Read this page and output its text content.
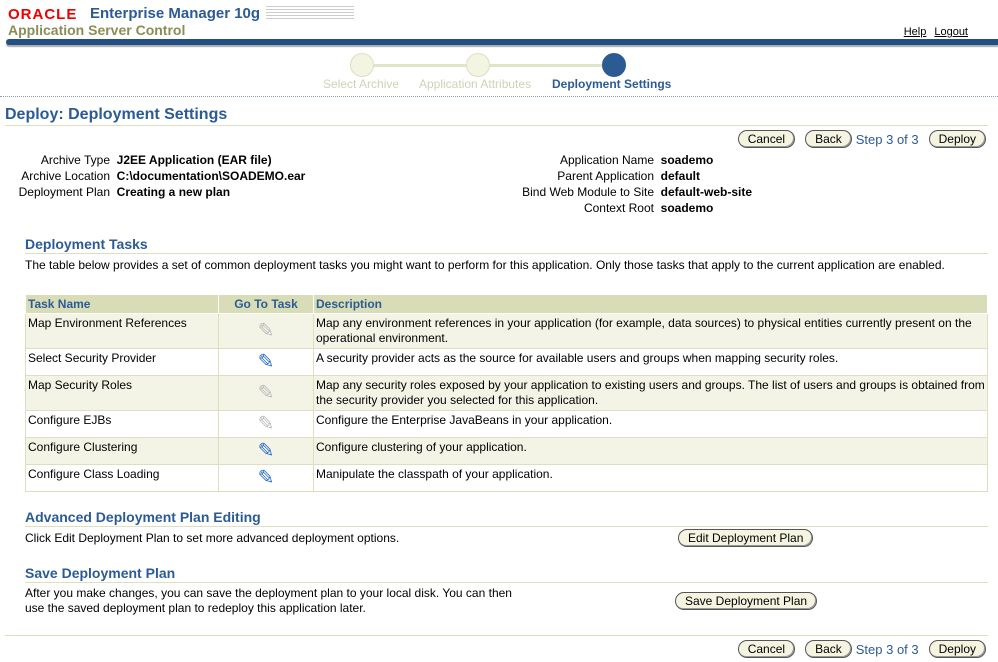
ORACLE Enterprise Manager 10g
Application Server Control	Help Logout
Select Archive Application Attributes Deployment Settings
Deploy: Deployment Settings
Cancel	Back	Step 3 of 3	Deploy
Archive Type J2EE Application (EAR file)
Archive Location C:\documentation\SOADEMO.ear
Deployment Plan Creating a new plan
Application Name soademo
Parent Application default
Bind Web Module to Site default-web-site
Context Root soademo
Deployment Tasks
The table below provides a set of common deployment tasks you might want to perform for this application. Only those tasks that apply to the current application are enabled.
Task Name	Go To Task	Description
Map Environment References	✎	Map any environment references in your application (for example, data sources) to physical entities currently present on the operational environment.
Select Security Provider	✎	A security provider acts as the source for available users and groups when mapping security roles.
Map Security Roles	✎	Map any security roles exposed by your application to existing users and groups. The list of users and groups is obtained from the security provider you selected for this application.
Configure EJBs	✎	Configure the Enterprise JavaBeans in your application.
Configure Clustering	✎	Configure clustering of your application.
Configure Class Loading	✎	Manipulate the classpath of your application.
Advanced Deployment Plan Editing
Click Edit Deployment Plan to set more advanced deployment options.	Edit Deployment Plan
Save Deployment Plan
After you make changes, you can save the deployment plan to your local disk. You can then use the saved deployment plan to redeploy this application later.	Save Deployment Plan
Cancel	Back	Step 3 of 3	Deploy
